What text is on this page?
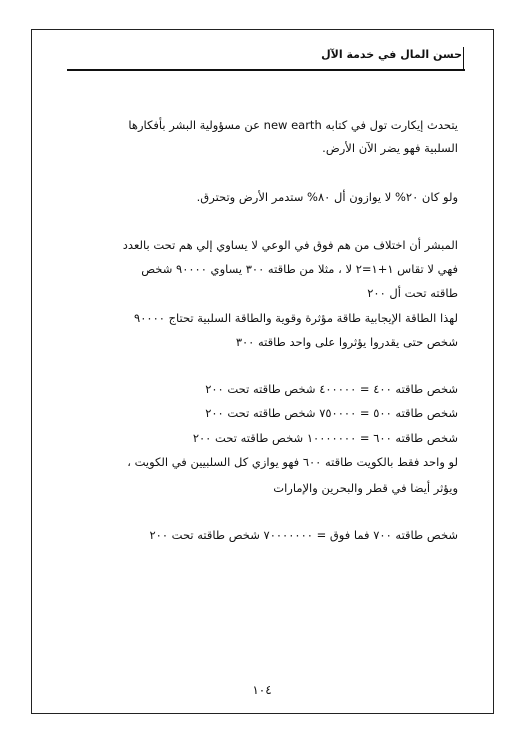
حسن المال في خدمة الآل
يتحدث إيكارت تول في كتابه new earth عن مسؤولية البشر بأفكارها
السلبية فهو يضر الآن الأرض.
ولو كان ٢٠% لا يوازون أل ٨٠% ستدمر الأرض وتحترق.
المبشر أن اختلاف من هم فوق في الوعي لا يساوي إلي هم تحت بالعدد
فهي لا تقاس ١+١=٢ لا ، مثلا من طاقته ٣٠٠ يساوي ٩٠٠٠٠ شخص
طاقته تحت أل ٢٠٠
لهذا الطاقة الإيجابية طاقة مؤثرة وقوية والطاقة السلبية تحتاج ٩٠٠٠٠
شخص حتى يقدروا يؤثروا على واحد طاقته ٣٠٠
شخص طاقته ٤٠٠ = ٤٠٠٠٠٠ شخص طاقته تحت ٢٠٠
شخص طاقته ٥٠٠ = ٧٥٠٠٠٠ شخص طاقته تحت ٢٠٠
شخص طاقته ٦٠٠ = ١٠٠٠٠٠٠٠ شخص طاقته تحت ٢٠٠
لو واحد فقط بالكويت طاقته ٦٠٠ فهو يوازي كل السلبيين في الكويت ،
ويؤثر أيضا في قطر والبحرين والإمارات
شخص طاقته ٧٠٠ فما فوق = ٧٠٠٠٠٠٠٠ شخص طاقته تحت ٢٠٠
١٠٤
